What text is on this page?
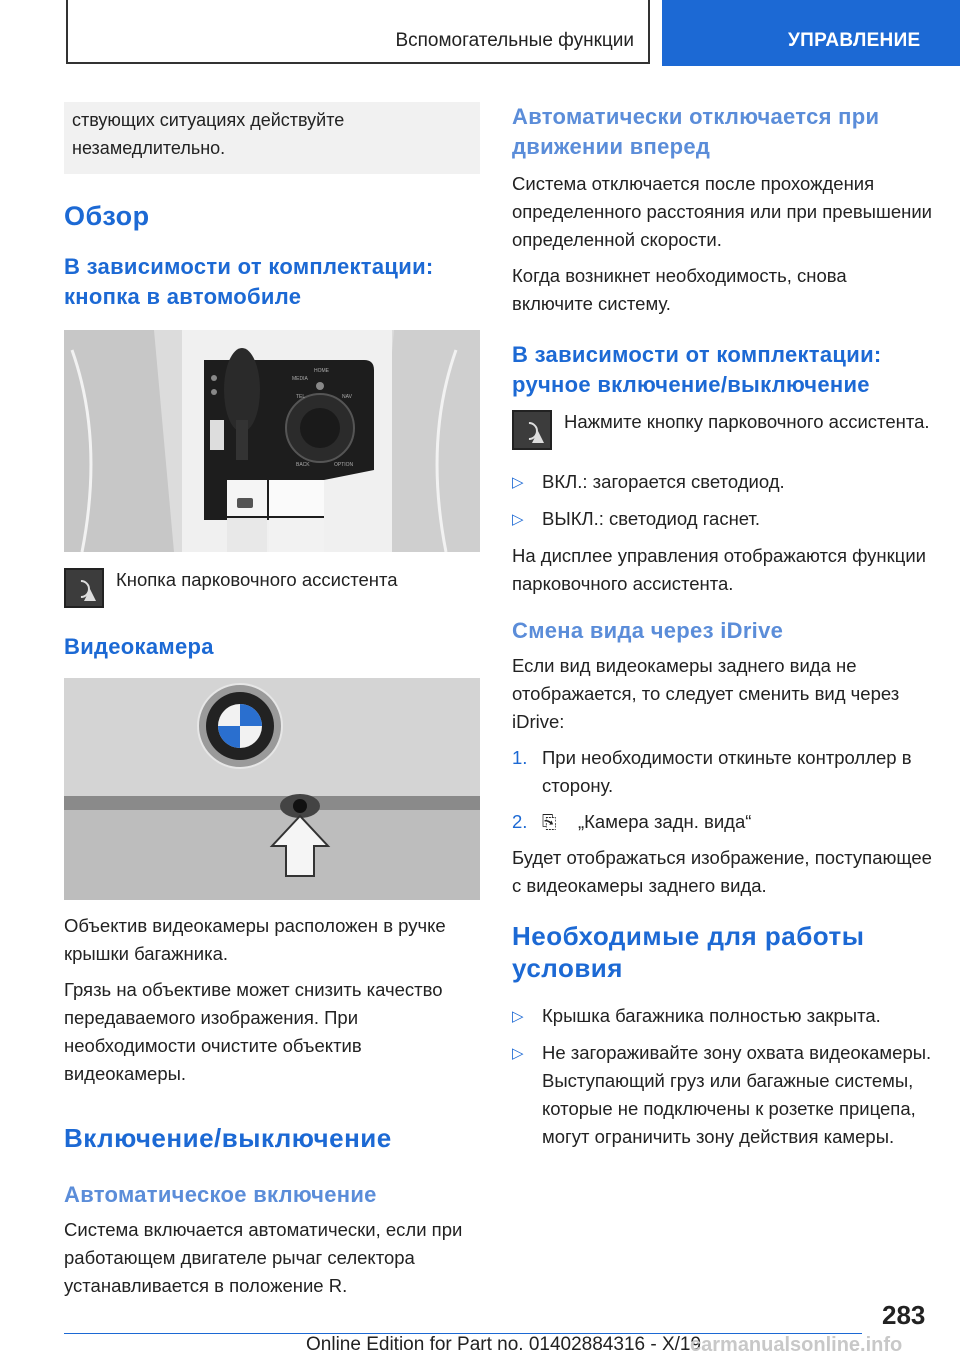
Вспомогательные функции	УПРАВЛЕНИЕ
ствующих ситуациях действуйте незамедлительно.
Обзор
В зависимости от комплектации: кнопка в автомобиле
MEDIA
HOME
TEL	NAV
BACK	OPTION

Кнопка парковочного ассистента

Видеокамера

Объектив видеокамеры расположен в ручке крышки багажника.

Грязь на объективе может снизить качество передаваемого изображения. При необходимости очистите объектив видеокамеры.

Включение/выключение
Автоматическое включение

Система включается автоматически, если при работающем двигателе рычаг селектора устанавливается в положение R.

Автоматически отключается при движении вперед

Система отключается после прохождения определенного расстояния или при превышении определенной скорости.

Когда возникнет необходимость, снова включите систему.

В зависимости от комплектации: ручное включение/выключение

Нажмите кнопку парковочного ассистента.

▷ ВКЛ.: загорается светодиод.
▷ ВЫКЛ.: светодиод гаснет.

На дисплее управления отображаются функции парковочного ассистента.

Смена вида через iDrive

Если вид видеокамеры заднего вида не отображается, то следует сменить вид через iDrive:

1. При необходимости откиньте контроллер в сторону.
2. ⎘	„Камера задн. вида“

Будет отображаться изображение, поступающее с видеокамеры заднего вида.

Необходимые для работы условия
▷ Крышка багажника полностью закрыта.
▷ Не загораживайте зону охвата видеокамеры. Выступающий груз или багажные системы, которые не подключены к розетке прицепа, могут ограничить зону действия камеры.
283
Online Edition for Part no. 01402884316 - X/19
carmanualsonline.info
